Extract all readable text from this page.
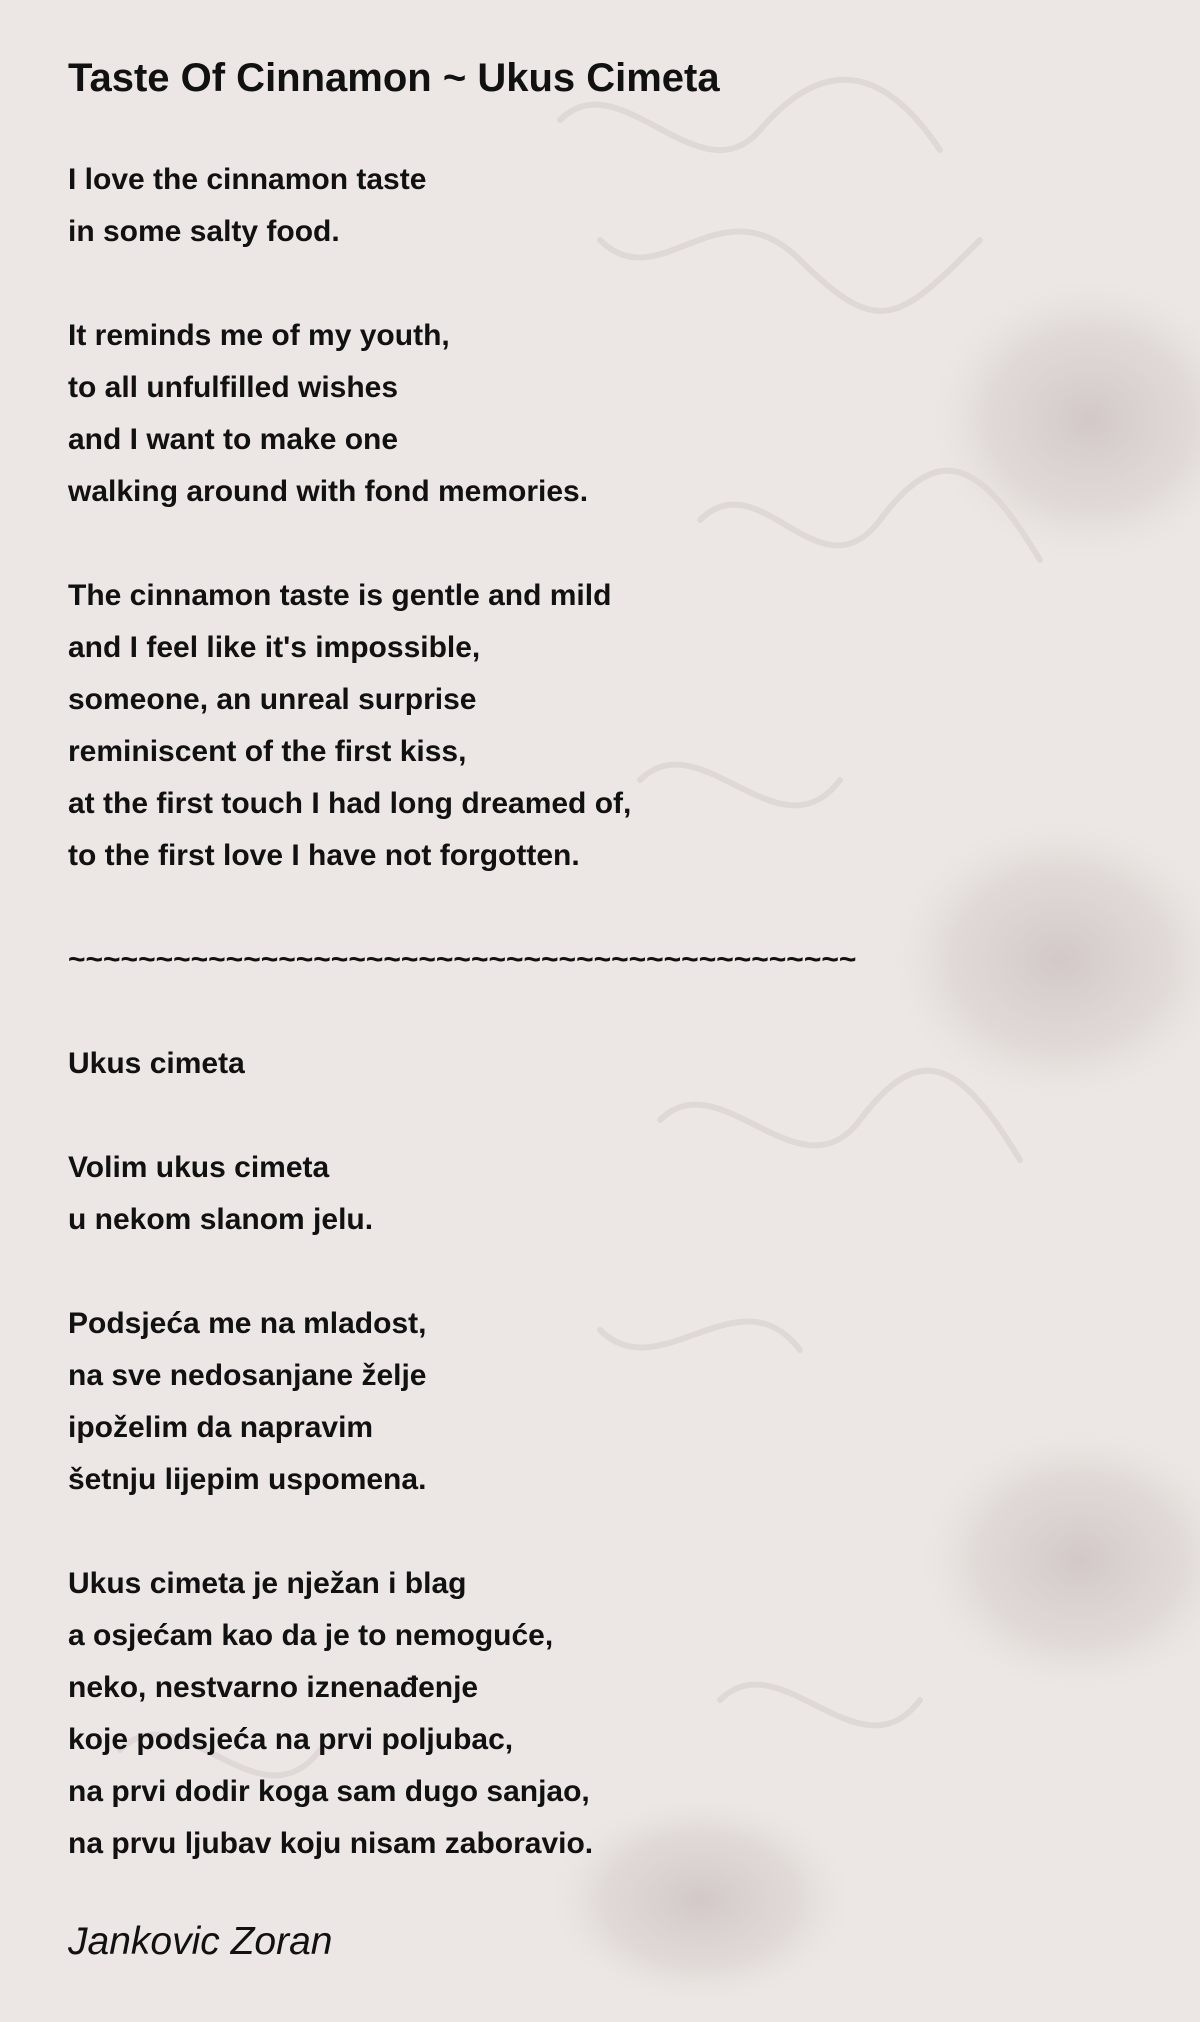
Taste Of Cinnamon ~ Ukus Cimeta
I love the cinnamon taste
in some salty food.
It reminds me of my youth,
to all unfulfilled wishes
and I want to make one
walking around with fond memories.
The cinnamon taste is gentle and mild
and I feel like it's impossible,
someone, an unreal surprise
reminiscent of the first kiss,
at the first touch I had long dreamed of,
to the first love I have not forgotten.
~~~~~~~~~~~~~~~~~~~~~~~~~~~~~~~~~~~~~~~~~~~~~
Ukus cimeta
Volim ukus cimeta
u nekom slanom jelu.
Podsjeća me na mladost,
na sve nedosanjane želje
ipoželim da napravim
šetnju lijepim uspomena.
Ukus cimeta je nježan i blag
a osjećam kao da je to nemoguće,
neko, nestvarno iznenađenje
koje podsjeća na prvi poljubac,
na prvi dodir koga sam dugo sanjao,
na prvu ljubav koju nisam zaboravio.
Jankovic Zoran
